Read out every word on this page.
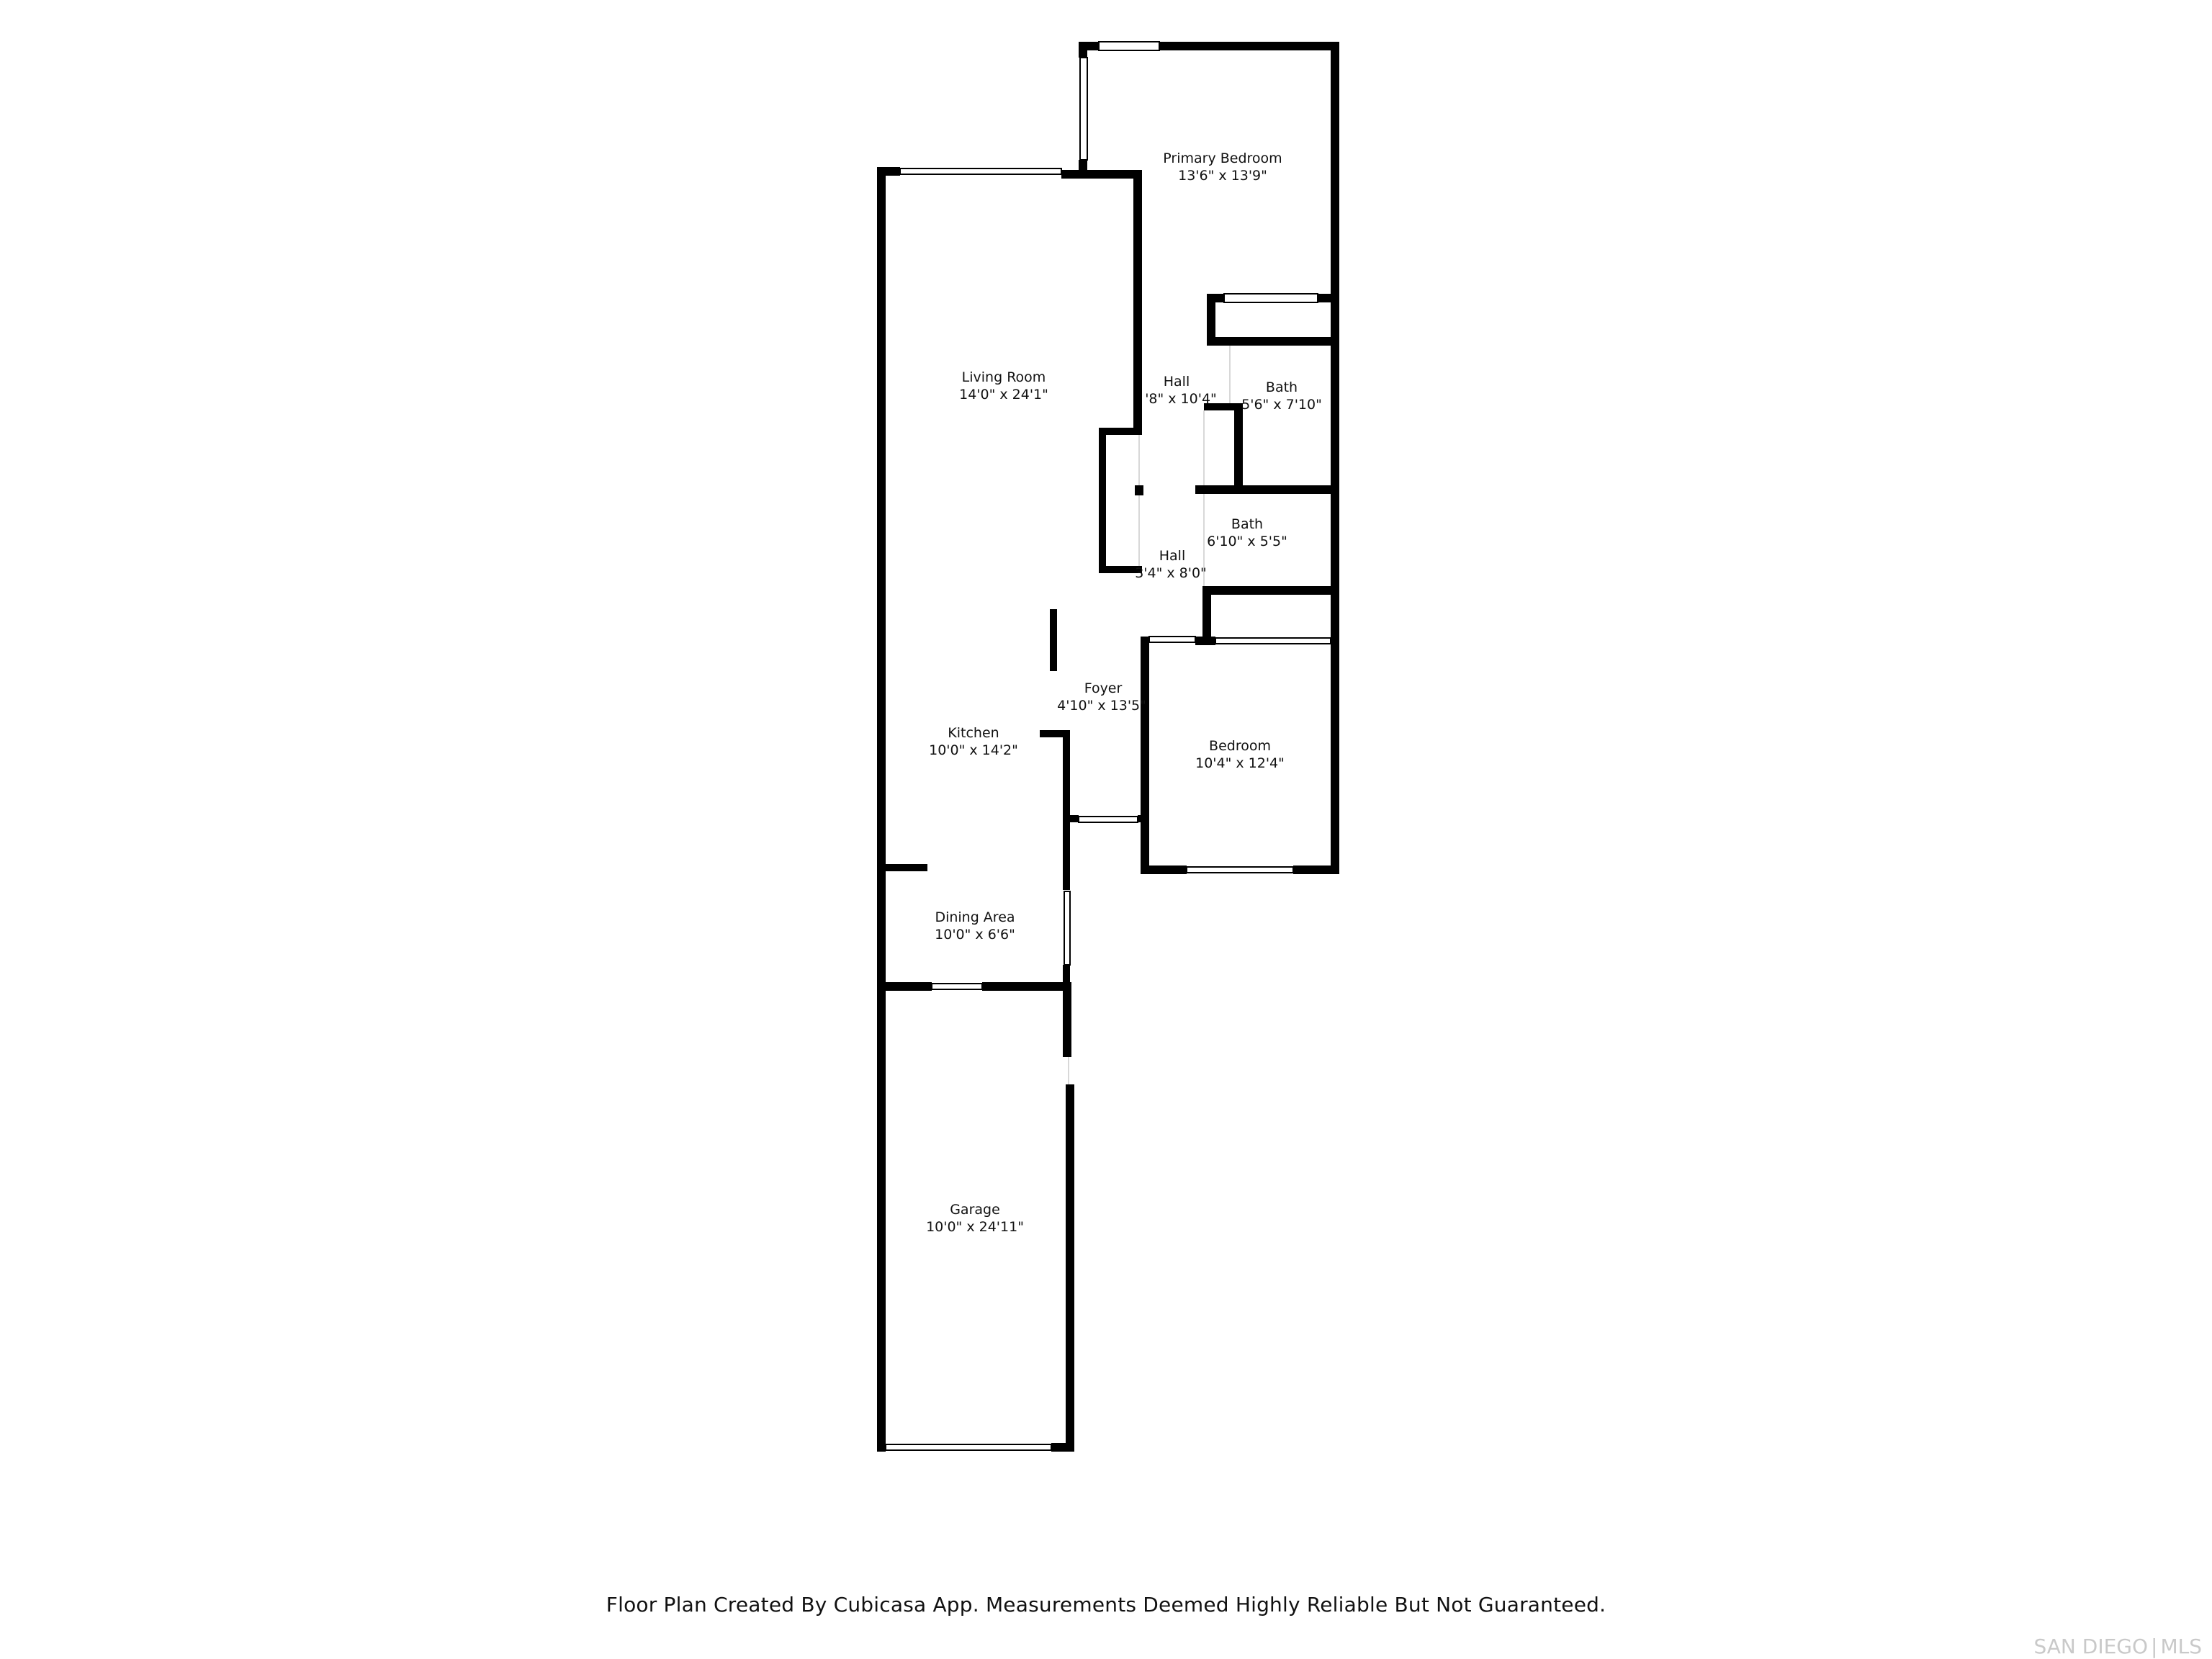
Primary Bedroom
13'6" x 13'9"
Living Room
14'0" x 24'1"
Hall
'8" x 10'4"
Bath
5'6" x 7'10"
Bath
6'10" x 5'5"
Hall
3'4" x 8'0"
Foyer
4'10" x 13'5"
Kitchen
10'0" x 14'2"	Bedroom
10'4" x 12'4"
Dining Area
10'0" x 6'6"
Garage
10'0" x 24'11"
Floor Plan Created By Cubicasa App. Measurements Deemed Highly Reliable But Not Guaranteed.
SAN DIEGO | MLS
